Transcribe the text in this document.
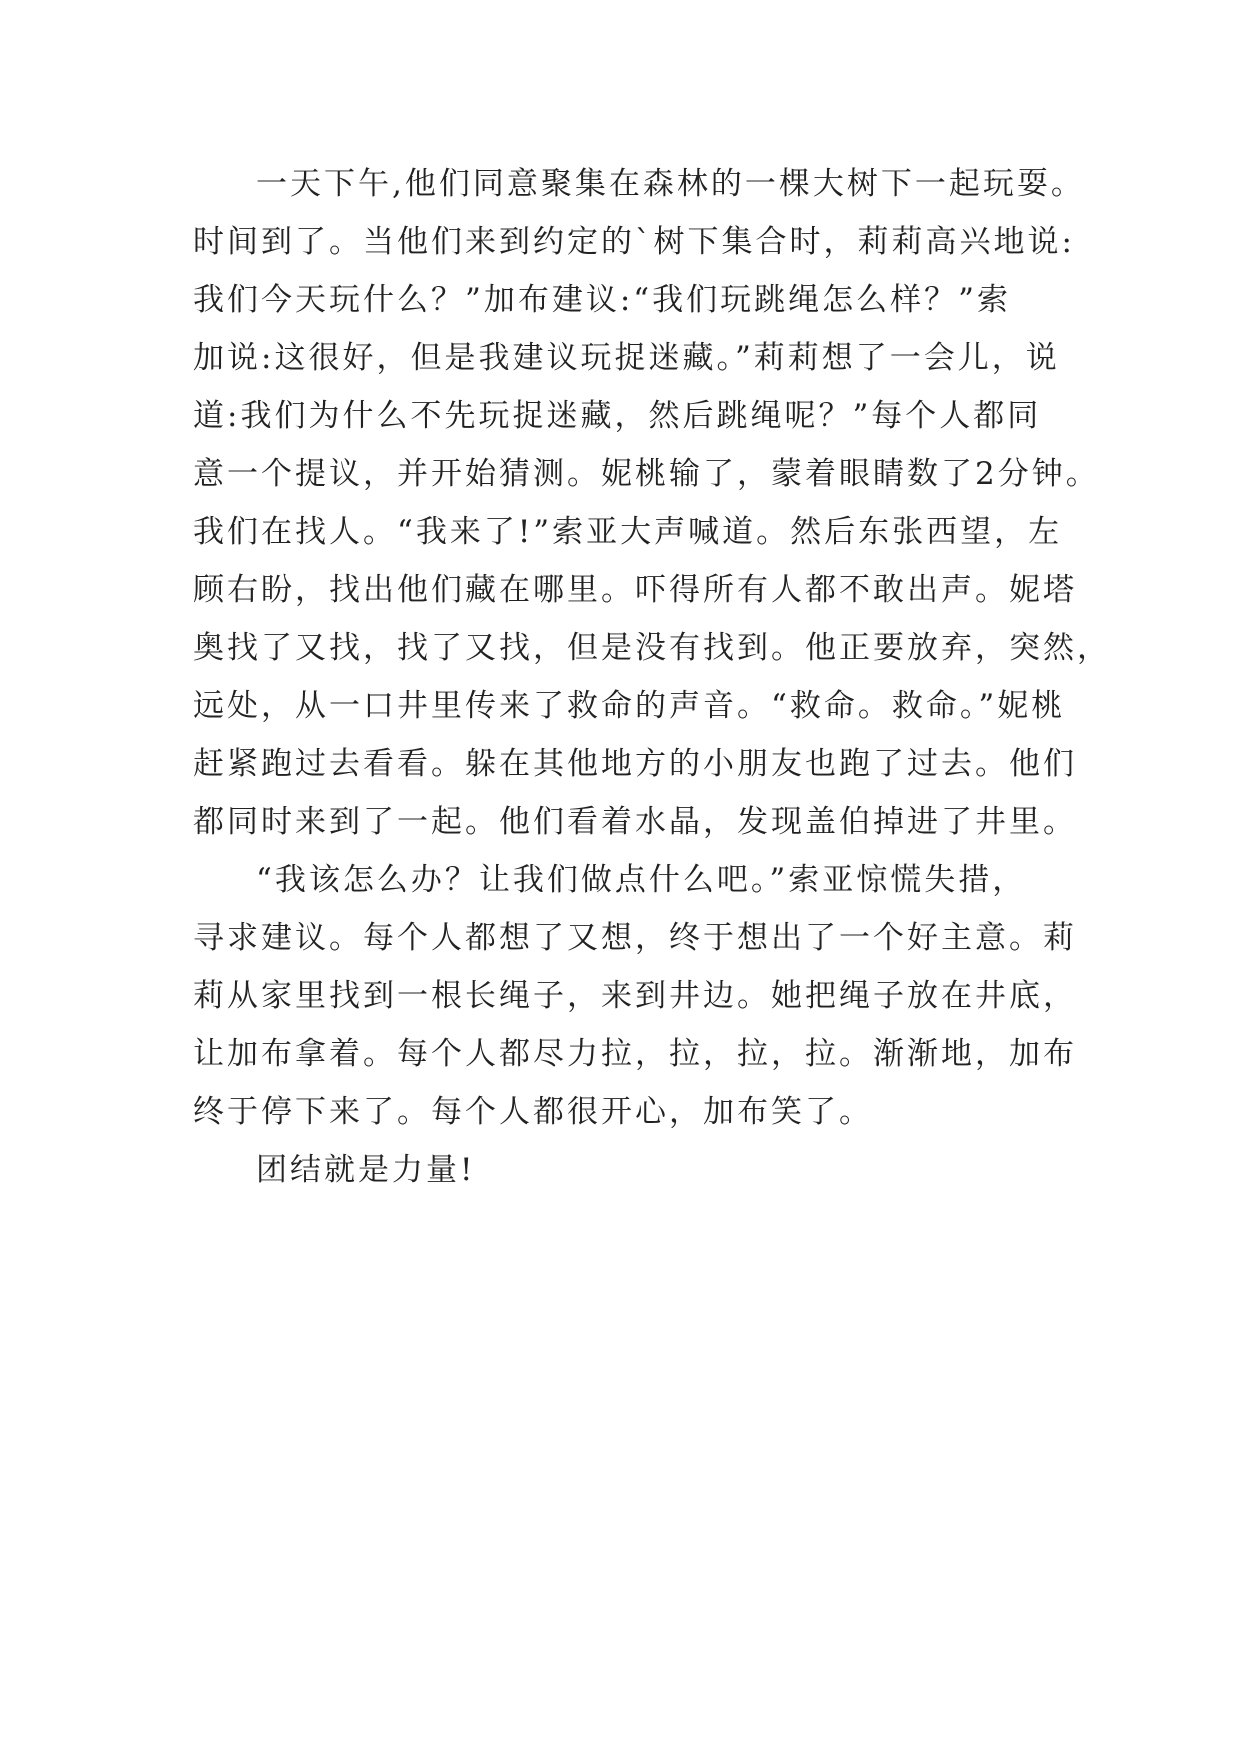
一天下午,他们同意聚集在森林的一棵大树下一起玩耍。
时间到了。当他们来到约定的`树下集合时，莉莉高兴地说:
我们今天玩什么？”加布建议:“我们玩跳绳怎么样？”索
加说:这很好，但是我建议玩捉迷藏。”莉莉想了一会儿，说
道:我们为什么不先玩捉迷藏，然后跳绳呢？”每个人都同
意一个提议，并开始猜测。妮桃输了，蒙着眼睛数了2分钟。
我们在找人。“我来了!”索亚大声喊道。然后东张西望，左
顾右盼，找出他们藏在哪里。吓得所有人都不敢出声。妮塔
奥找了又找，找了又找，但是没有找到。他正要放弃，突然，
远处，从一口井里传来了救命的声音。“救命。救命。”妮桃
赶紧跑过去看看。躲在其他地方的小朋友也跑了过去。他们
都同时来到了一起。他们看着水晶，发现盖伯掉进了井里。
“我该怎么办？让我们做点什么吧。”索亚惊慌失措，
寻求建议。每个人都想了又想，终于想出了一个好主意。莉
莉从家里找到一根长绳子，来到井边。她把绳子放在井底，
让加布拿着。每个人都尽力拉，拉，拉，拉。渐渐地，加布
终于停下来了。每个人都很开心，加布笑了。
团结就是力量!
